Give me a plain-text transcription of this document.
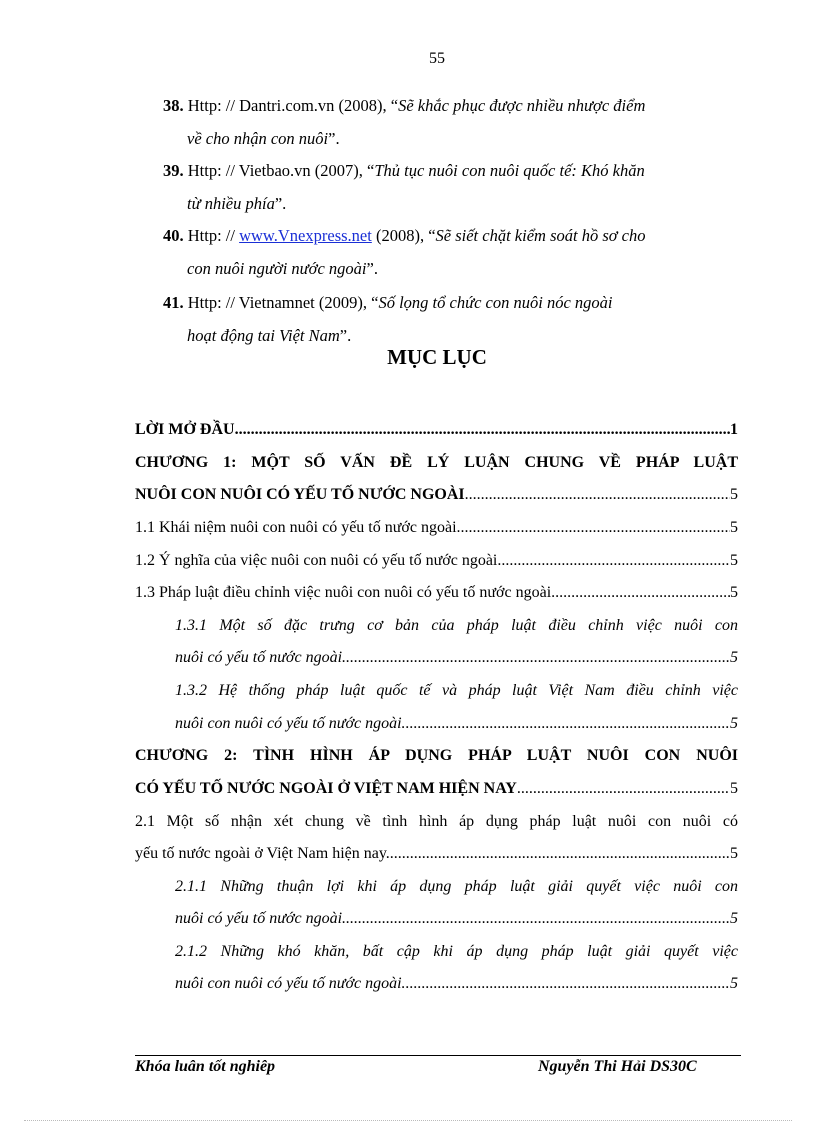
55
38. Http: // Dantri.com.vn (2008), “Sẽ khắc phục được nhiều nhược điểm
về cho nhận con nuôi”.
39. Http: // Vietbao.vn (2007), “Thủ tục nuôi con nuôi quốc tế: Khó khăn
từ nhiều phía”.
40. Http: // www.Vnexpress.net (2008), “Sẽ siết chặt kiểm soát hồ sơ cho
con nuôi người nước ngoài”.
41. Http: // Vietnamnet (2009), “Số lọng tổ chức con nuôi nóc ngoài
hoạt động tai Việt Nam”.
MỤC LỤC
LỜI MỞ ĐẦU .....	1
CHƯƠNG 1: MỘT SỐ VẤN ĐỀ LÝ LUẬN CHUNG VỀ PHÁP LUẬT
NUÔI CON NUÔI CÓ YẾU TỐ NƯỚC NGOÀI .....	5
1.1 Khái niệm nuôi con nuôi có yếu tố nước ngoài. .....	5
1.2 Ý nghĩa của việc nuôi con nuôi có yếu tố nước ngoài. .....	5
1.3 Pháp luật điều chỉnh việc nuôi con nuôi có yếu tố nước ngoài. .....	5
1.3.1 Một số đặc trưng cơ bản của pháp luật điều chỉnh việc nuôi con
nuôi có yếu tố nước ngoài. .....	5
1.3.2 Hệ thống pháp luật quốc tế và pháp luật Việt Nam điều chỉnh việc
nuôi con nuôi có yếu tố nước ngoài. .....	5
CHƯƠNG 2: TÌNH HÌNH ÁP DỤNG PHÁP LUẬT NUÔI CON NUÔI
CÓ YẾU TỐ NƯỚC NGOÀI Ở VIỆT NAM HIỆN NAY .....	5
2.1 Một số nhận xét chung về tình hình áp dụng pháp luật nuôi con nuôi có
yếu tố nước ngoài ở Việt Nam hiện nay. .....	5
2.1.1 Những thuận lợi khi áp dụng pháp luật giải quyết việc nuôi con
nuôi có yếu tố nước ngoài .....	5
2.1.2 Những khó khăn, bất cập khi áp dụng pháp luật giải quyết việc
nuôi con nuôi có yếu tố nước ngoài. .....	5
Khóa luân tốt nghiêp	Nguyễn Thi Hải DS30C
